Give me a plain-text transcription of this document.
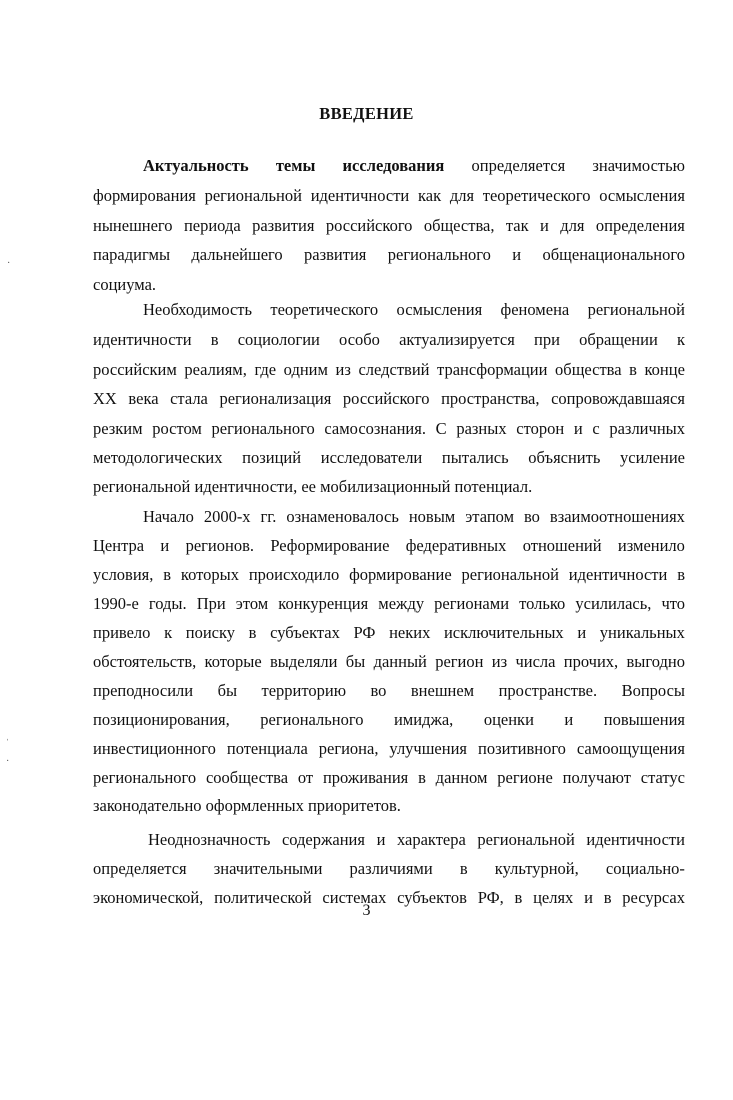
ВВЕДЕНИЕ
Актуальность темы исследования определяется значимостью
формирования региональной идентичности как для теоретического осмысления
нынешнего периода развития российского общества, так и для определения
парадигмы дальнейшего развития регионального и общенационального
социума.
Необходимость теоретического осмысления феномена региональной
идентичности в социологии особо актуализируется при обращении к
российским реалиям, где одним из следствий трансформации общества в конце
XX века стала регионализация российского пространства, сопровождавшаяся
резким ростом регионального самосознания. С разных сторон и с различных
методологических позиций исследователи пытались объяснить усиление
региональной идентичности, ее мобилизационный потенциал.
Начало 2000-х гг. ознаменовалось новым этапом во взаимоотношениях
Центра и регионов. Реформирование федеративных отношений изменило
условия, в которых происходило формирование региональной идентичности в
1990-е годы. При этом конкуренция между регионами только усилилась, что
привело к поиску в субъектах РФ неких исключительных и уникальных
обстоятельств, которые выделяли бы данный регион из числа прочих, выгодно
преподносили бы территорию во внешнем пространстве. Вопросы
позиционирования, регионального имиджа, оценки и повышения
инвестиционного потенциала региона, улучшения позитивного самоощущения
регионального сообщества от проживания в данном регионе получают статус
законодательно оформленных приоритетов.
Неоднозначность содержания и характера региональной идентичности
определяется значительными различиями в культурной, социально-
экономической, политической системах субъектов РФ, в целях и в ресурсах
3
·
ˌ
·
